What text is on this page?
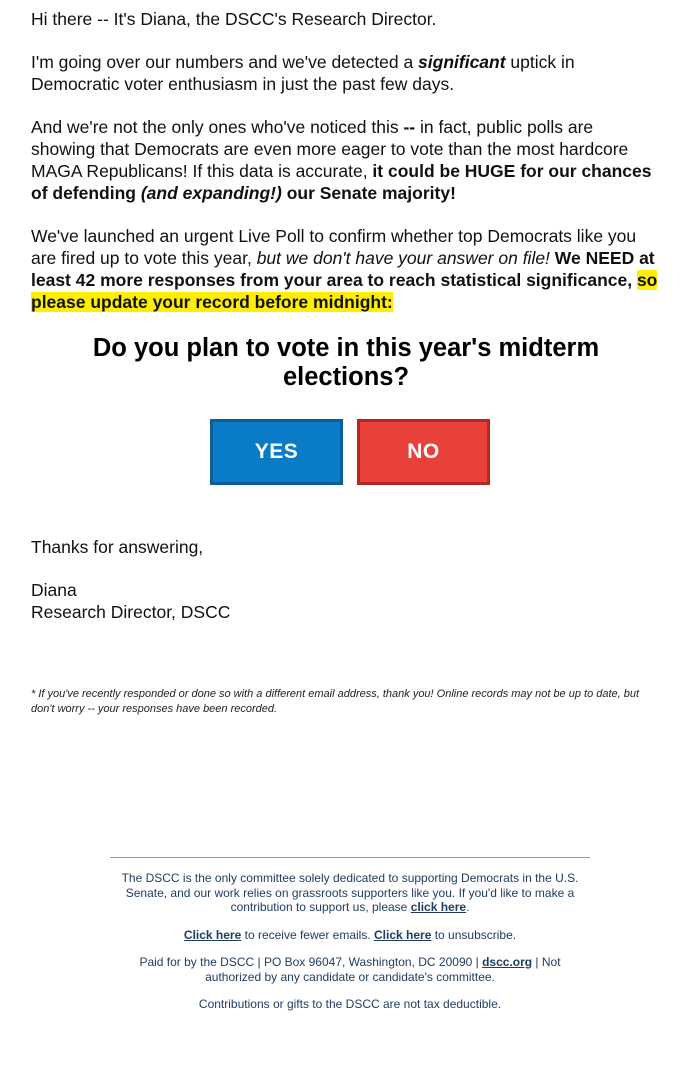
Hi there -- It's Diana, the DSCC's Research Director.

I'm going over our numbers and we've detected a significant uptick in Democratic voter enthusiasm in just the past few days.

And we're not the only ones who've noticed this -- in fact, public polls are showing that Democrats are even more eager to vote than the most hardcore MAGA Republicans! If this data is accurate, it could be HUGE for our chances of defending (and expanding!) our Senate majority!

We've launched an urgent Live Poll to confirm whether top Democrats like you are fired up to vote this year, but we don't have your answer on file! We NEED at least 42 more responses from your area to reach statistical significance, so please update your record before midnight:

Do you plan to vote in this year's midterm elections?
YES	NO

Thanks for answering,

Diana
Research Director, DSCC
* If you've recently responded or done so with a different email address, thank you! Online records may not be up to date, but don't worry -- your responses have been recorded.

The DSCC is the only committee solely dedicated to supporting Democrats in the U.S. Senate, and our work relies on grassroots supporters like you. If you'd like to make a contribution to support us, please click here.

Click here to receive fewer emails. Click here to unsubscribe.

Paid for by the DSCC | PO Box 96047, Washington, DC 20090 | dscc.org | Not authorized by any candidate or candidate's committee.

Contributions or gifts to the DSCC are not tax deductible.
